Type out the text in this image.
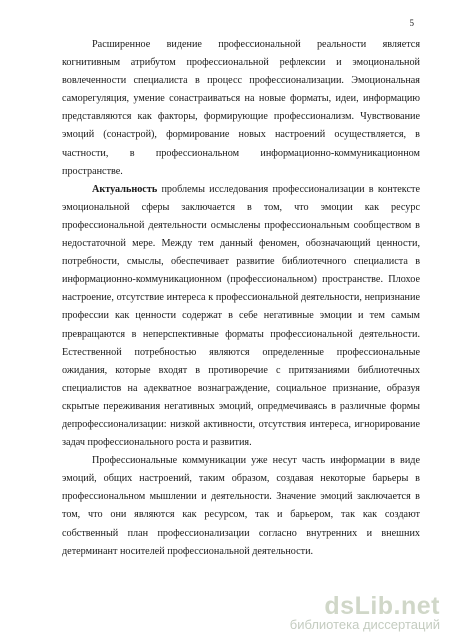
5

Расширенное видение профессиональной реальности является когнитивным атрибутом профессиональной рефлексии и эмоциональной вовлеченности специалиста в процесс профессионализации. Эмоциональная саморегуляция, умение сонастраиваться на новые форматы, идеи, информацию представляются как факторы, формирующие профессионализм. Чувствование эмоций (сонастрой), формирование новых настроений осуществляется, в частности, в профессиональном информационно-коммуникационном пространстве.

Актуальность проблемы исследования профессионализации в контексте эмоциональной сферы заключается в том, что эмоции как ресурс профессиональной деятельности осмыслены профессиональным сообществом в недостаточной мере. Между тем данный феномен, обозначающий ценности, потребности, смыслы, обеспечивает развитие библиотечного специалиста в информационно-коммуникационном (профессиональном) пространстве. Плохое настроение, отсутствие интереса к профессиональной деятельности, непризнание профессии как ценности содержат в себе негативные эмоции и тем самым превращаются в неперспективные форматы профессиональной деятельности. Естественной потребностью являются определенные профессиональные ожидания, которые входят в противоречие с притязаниями библиотечных специалистов на адекватное вознаграждение, социальное признание, образуя скрытые переживания негативных эмоций, опредмечиваясь в различные формы депрофессионализации: низкой активности, отсутствия интереса, игнорирование задач профессионального роста и развития.

Профессиональные коммуникации уже несут часть информации в виде эмоций, общих настроений, таким образом, создавая некоторые барьеры в профессиональном мышлении и деятельности. Значение эмоций заключается в том, что они являются как ресурсом, так и барьером, так как создают собственный план профессионализации согласно внутренних и внешних детерминант носителей профессиональной деятельности.

dsLib.net
библиотека диссертаций
